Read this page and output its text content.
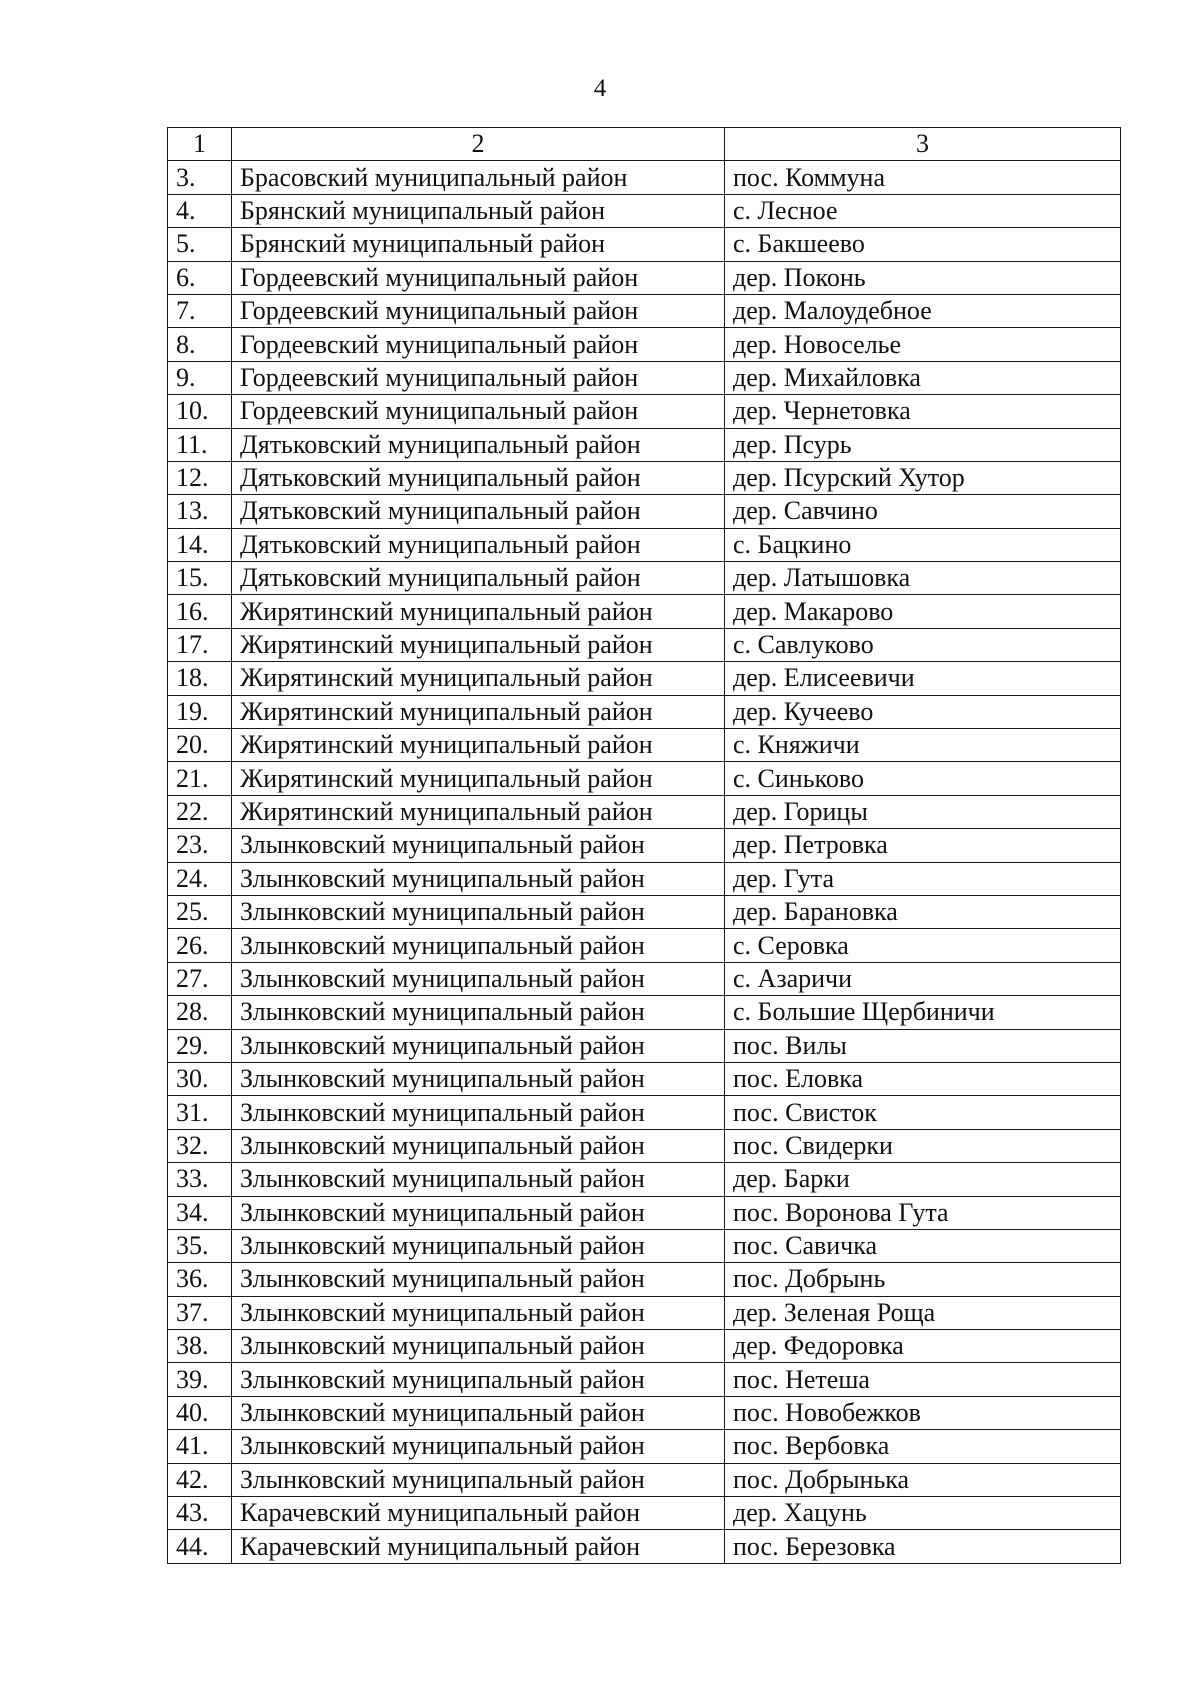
4
1	2	3
3.	Брасовский муниципальный район	пос. Коммуна
4.	Брянский муниципальный район	с. Лесное
5.	Брянский муниципальный район	с. Бакшеево
6.	Гордеевский муниципальный район	дер. Поконь
7.	Гордеевский муниципальный район	дер. Малоудебное
8.	Гордеевский муниципальный район	дер. Новоселье
9.	Гордеевский муниципальный район	дер. Михайловка
10.	Гордеевский муниципальный район	дер. Чернетовка
11.	Дятьковский муниципальный район	дер. Псурь
12.	Дятьковский муниципальный район	дер. Псурский Хутор
13.	Дятьковский муниципальный район	дер. Савчино
14.	Дятьковский муниципальный район	с. Бацкино
15.	Дятьковский муниципальный район	дер. Латышовка
16.	Жирятинский муниципальный район	дер. Макарово
17.	Жирятинский муниципальный район	с. Савлуково
18.	Жирятинский муниципальный район	дер. Елисеевичи
19.	Жирятинский муниципальный район	дер. Кучеево
20.	Жирятинский муниципальный район	с. Княжичи
21.	Жирятинский муниципальный район	с. Синьково
22.	Жирятинский муниципальный район	дер. Горицы
23.	Злынковский муниципальный район	дер. Петровка
24.	Злынковский муниципальный район	дер. Гута
25.	Злынковский муниципальный район	дер. Барановка
26.	Злынковский муниципальный район	с. Серовка
27.	Злынковский муниципальный район	с. Азаричи
28.	Злынковский муниципальный район	с. Большие Щербиничи
29.	Злынковский муниципальный район	пос. Вилы
30.	Злынковский муниципальный район	пос. Еловка
31.	Злынковский муниципальный район	пос. Свисток
32.	Злынковский муниципальный район	пос. Свидерки
33.	Злынковский муниципальный район	дер. Барки
34.	Злынковский муниципальный район	пос. Воронова Гута
35.	Злынковский муниципальный район	пос. Савичка
36.	Злынковский муниципальный район	пос. Добрынь
37.	Злынковский муниципальный район	дер. Зеленая Роща
38.	Злынковский муниципальный район	дер. Федоровка
39.	Злынковский муниципальный район	пос. Нетеша
40.	Злынковский муниципальный район	пос. Новобежков
41.	Злынковский муниципальный район	пос. Вербовка
42.	Злынковский муниципальный район	пос. Добрынька
43.	Карачевский муниципальный район	дер. Хацунь
44.	Карачевский муниципальный район	пос. Березовка
